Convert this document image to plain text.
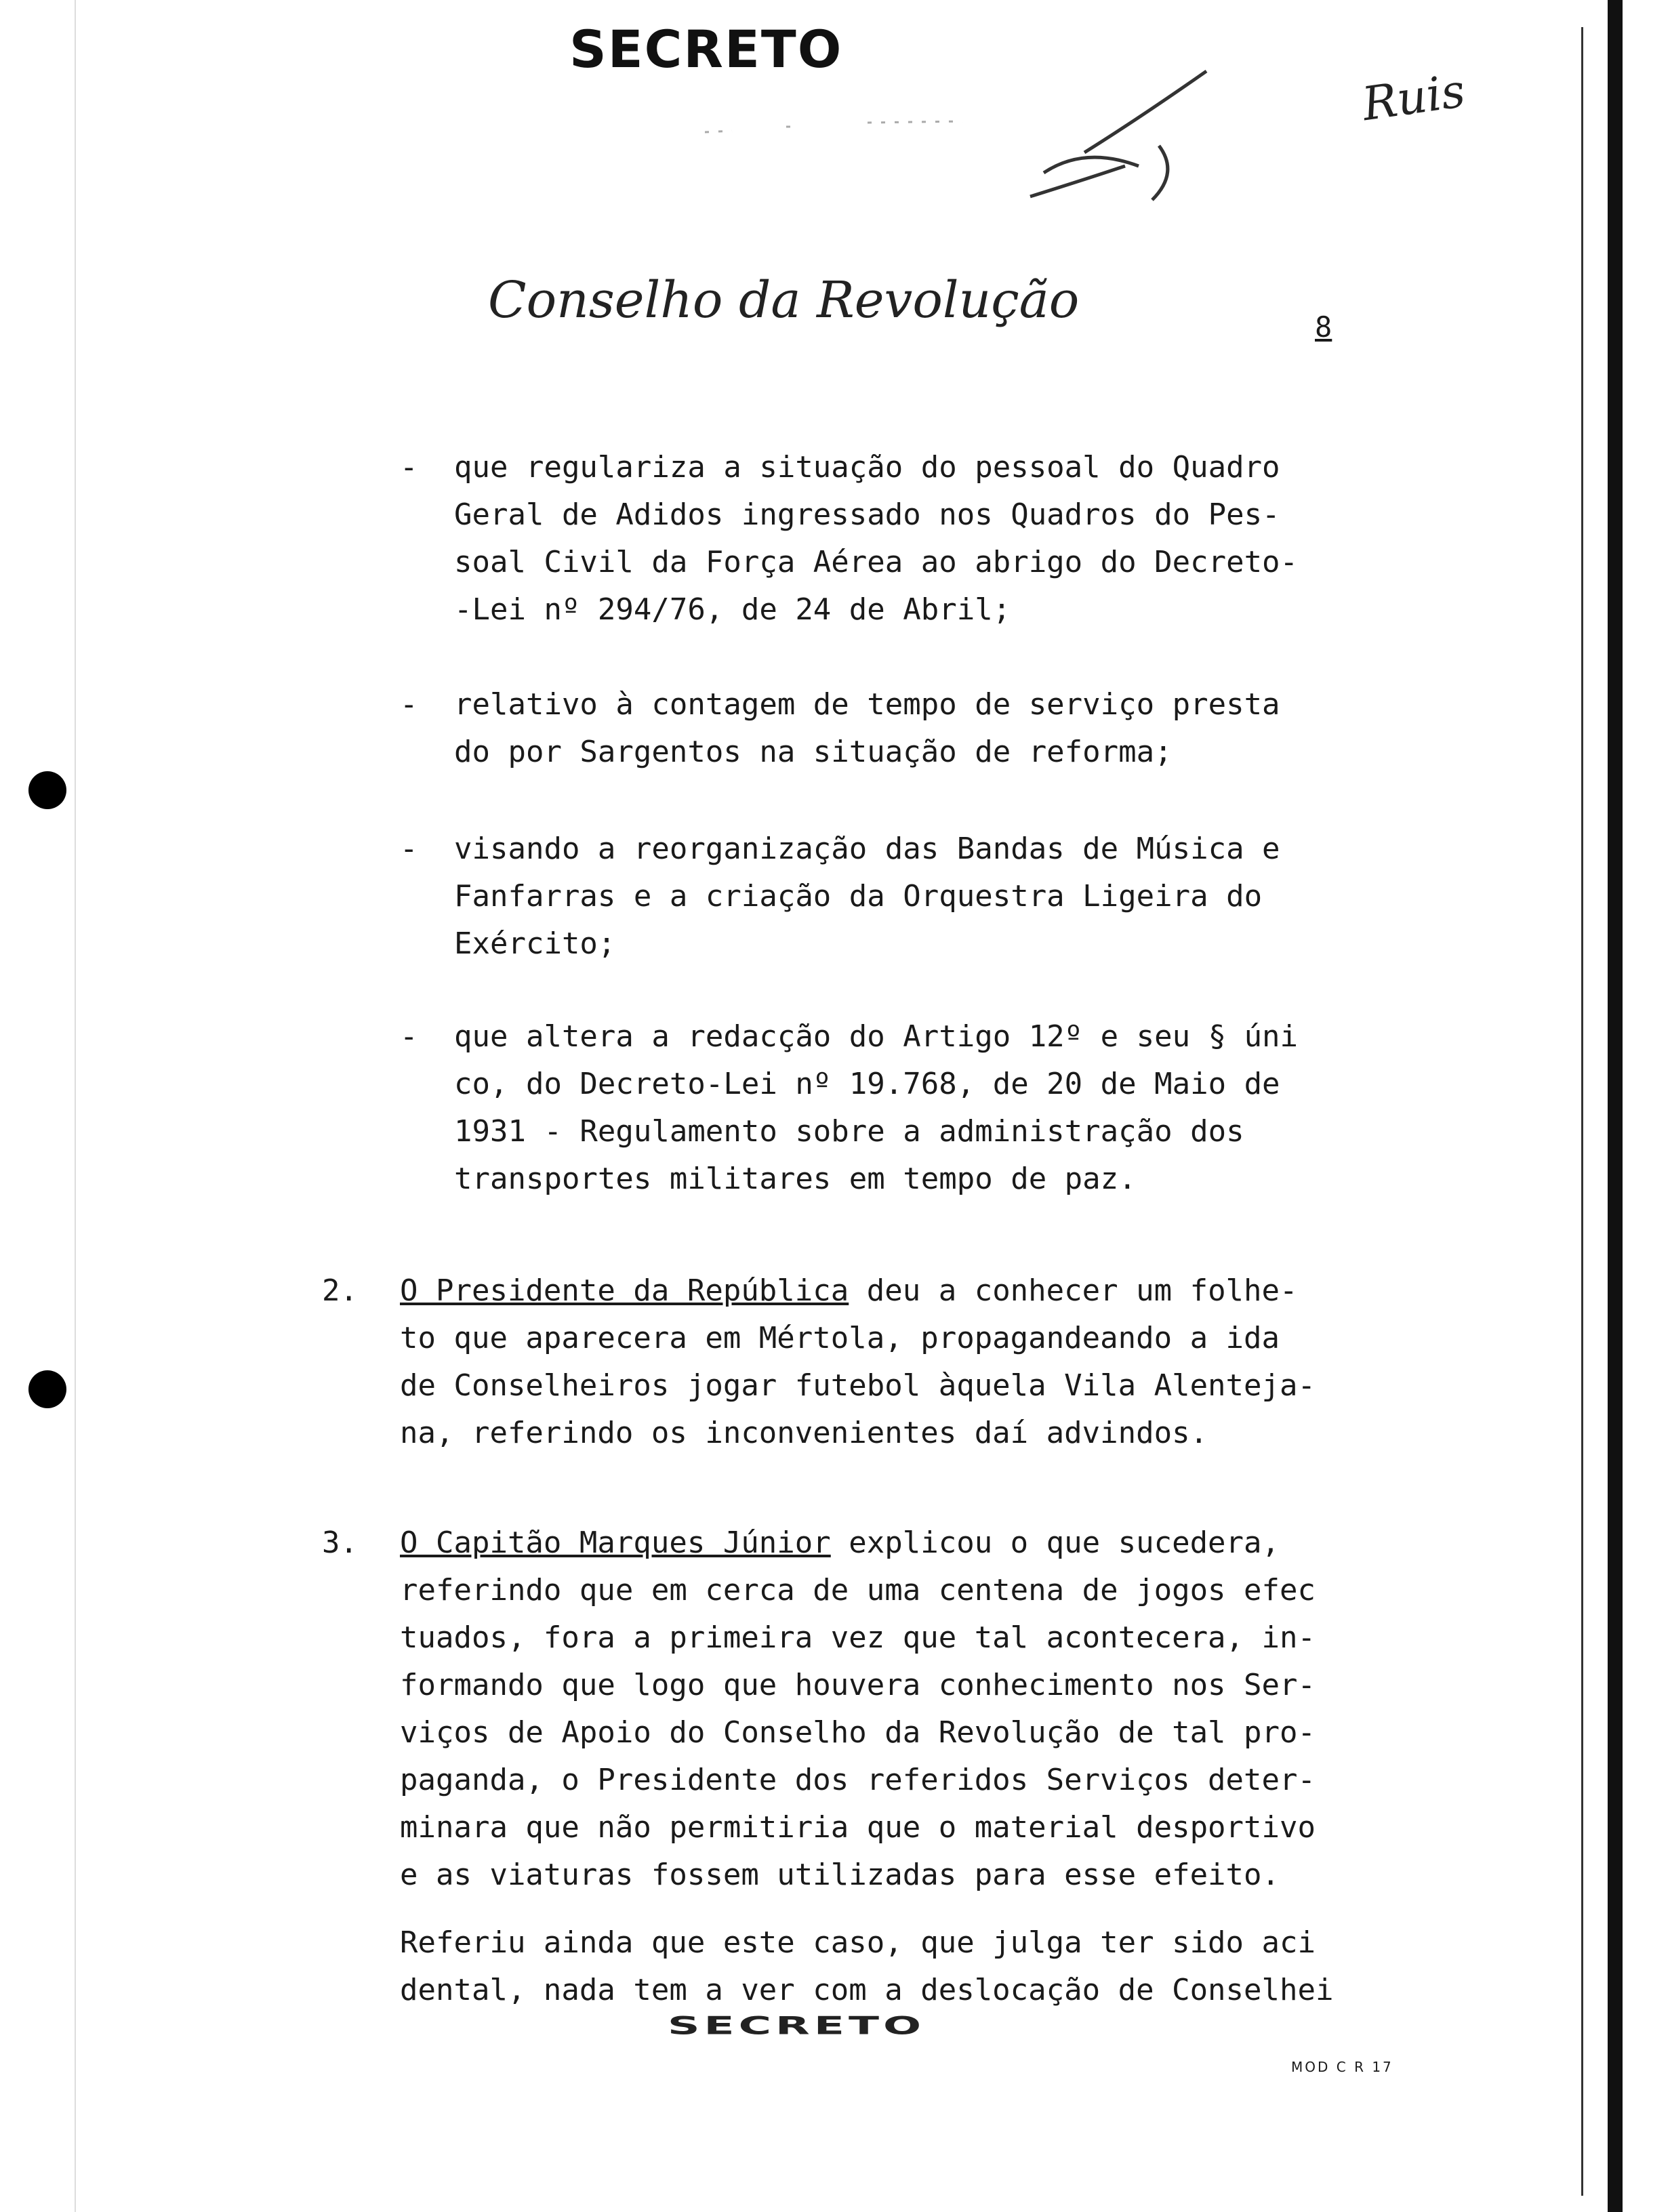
SECRETO
Ruis
Conselho da Revolução	8
- que regulariza a situação do pessoal do Quadro
Geral de Adidos ingressado nos Quadros do Pes-
soal Civil da Força Aérea ao abrigo do Decreto-
-Lei nº 294/76, de 24 de Abril;
- relativo à contagem de tempo de serviço presta
do por Sargentos na situação de reforma;
- visando a reorganização das Bandas de Música e
Fanfarras e a criação da Orquestra Ligeira do
Exército;
- que altera a redacção do Artigo 12º e seu § úni
co, do Decreto-Lei nº 19.768, de 20 de Maio de
1931 - Regulamento sobre a administração dos
transportes militares em tempo de paz.
2. O Presidente da República deu a conhecer um folhe-
to que aparecera em Mértola, propagandeando a ida
de Conselheiros jogar futebol àquela Vila Alenteja-
na, referindo os inconvenientes daí advindos.
3. O Capitão Marques Júnior explicou o que sucedera,
referindo que em cerca de uma centena de jogos efec
tuados, fora a primeira vez que tal acontecera, in-
formando que logo que houvera conhecimento nos Ser-
viços de Apoio do Conselho da Revolução de tal pro-
paganda, o Presidente dos referidos Serviços deter-
minara que não permitiria que o material desportivo
e as viaturas fossem utilizadas para esse efeito.
Referiu ainda que este caso, que julga ter sido aci
dental, nada tem a ver com a deslocação de Conselhei
SECRETO
MOD C R 17
